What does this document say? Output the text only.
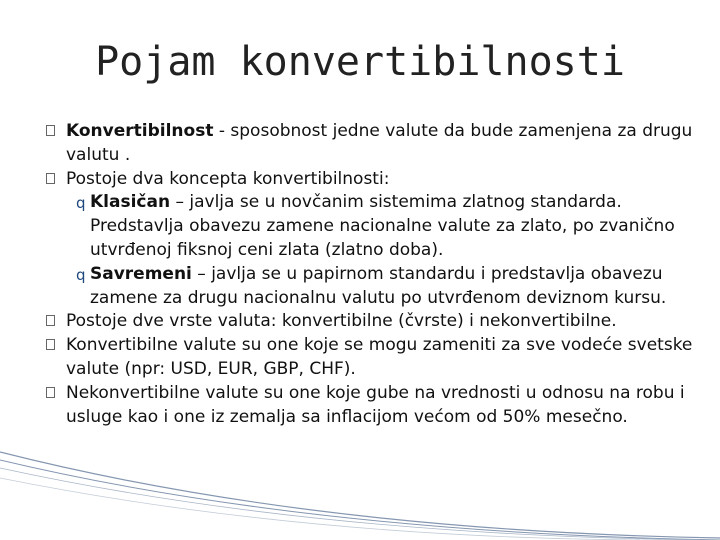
Pojam konvertibilnosti
Konvertibilnost - sposobnost jedne valute da bude zamenjena za drugu valutu .
Postoje dva koncepta konvertibilnosti:
q Klasičan – javlja se u novčanim sistemima zlatnog standarda. Predstavlja obavezu zamene nacionalne valute za zlato, po zvanično utvrđenoj fiksnoj ceni zlata (zlatno doba).
q Savremeni – javlja se u papirnom standardu i predstavlja obavezu zamene za drugu nacionalnu valutu po utvrđenom deviznom kursu.
Postoje dve vrste valuta: konvertibilne (čvrste) i nekonvertibilne.
Konvertibilne valute su one koje se mogu zameniti za sve vodeće svetske valute (npr: USD, EUR, GBP, CHF).
Nekonvertibilne valute su one koje gube na vrednosti u odnosu na robu i usluge kao i one iz zemalja sa inflacijom većom od 50% mesečno.
